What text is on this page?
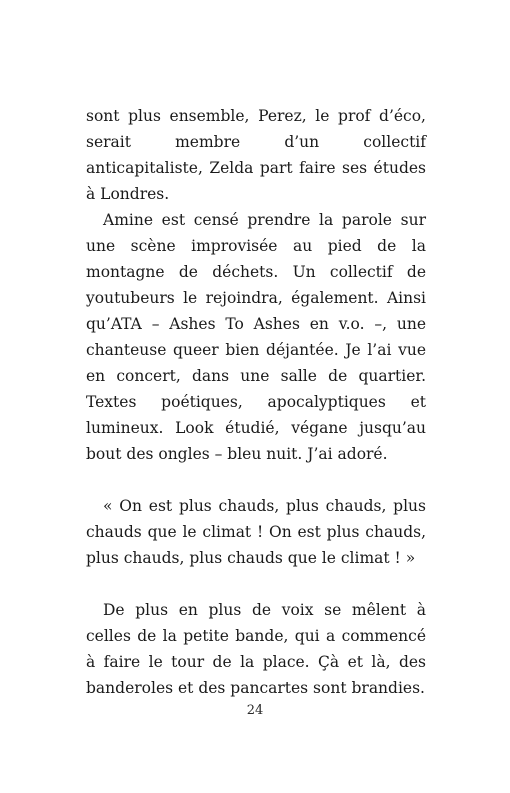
sont plus ensemble, Perez, le prof d’éco, serait membre d’un collectif anticapitaliste, Zelda part faire ses études à Londres.

Amine est censé prendre la parole sur une scène improvisée au pied de la montagne de déchets. Un collectif de youtubeurs le rejoindra, également. Ainsi qu’ATA – Ashes To Ashes en v.o. –, une chanteuse queer bien déjantée. Je l’ai vue en concert, dans une salle de quartier. Textes poétiques, apocalyptiques et lumineux. Look étudié, végane jusqu’au bout des ongles – bleu nuit. J’ai adoré.

« On est plus chauds, plus chauds, plus chauds que le climat ! On est plus chauds, plus chauds, plus chauds que le climat ! »

De plus en plus de voix se mêlent à celles de la petite bande, qui a commencé à faire le tour de la place. Çà et là, des banderoles et des pancartes sont brandies.

24
